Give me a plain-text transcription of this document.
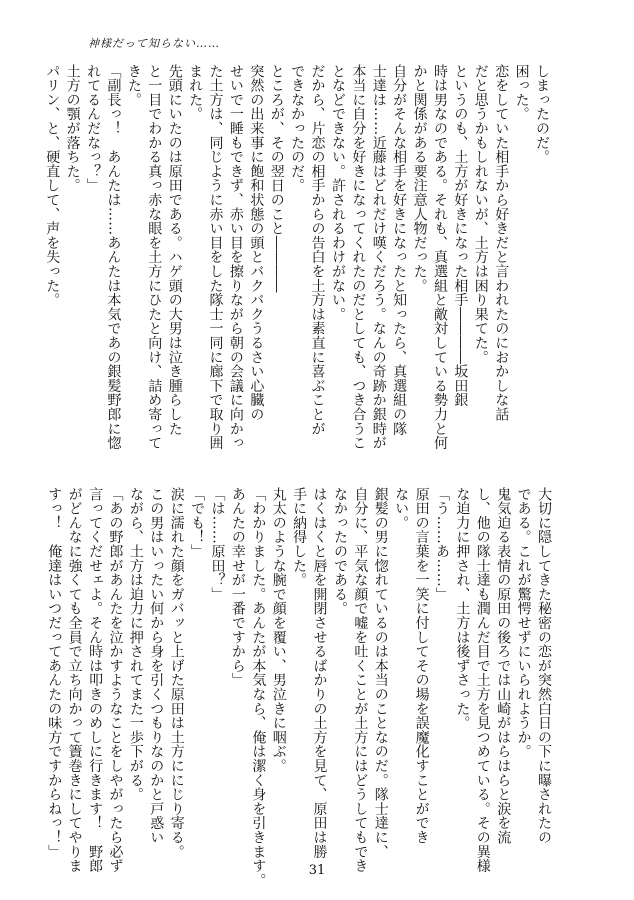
神様だって知らない……

しまったのだ。

困った。

恋をしていた相手から好きだと言われたのにおかしな話

だと思うかもしれないが、土方は困り果てた。

というのも、土方が好きになった相手――――坂田銀

時は男なのである。それも、真選組と敵対している勢力と何

かと関係がある要注意人物だった。

自分がそんな相手を好きになったと知ったら、真選組の隊

士達は……近藤はどれだけ嘆くだろう。なんの奇跡か銀時が

本当に自分を好きになってくれたのだとしても、つき合うこ

となどできない。許されるわけがない。

だから、片恋の相手からの告白を土方は素直に喜ぶことが

できなかったのだ。

ところが、その翌日のこと――――

突然の出来事に飽和状態の頭とバクバクうるさい心臓の

せいで一睡もできず、赤い目を擦りながら朝の会議に向かっ

た土方は、同じように赤い目をした隊士一同に廊下で取り囲

まれた。

先頭にいたのは原田である。ハゲ頭の大男は泣き腫らした

と一目でわかる真っ赤な眼を土方にひたと向け、詰め寄って

きた。

「副長っ！　あんたは……あんたは本気であの銀髪野郎に惚

れてるんだなっ？」

土方の顎が落ちた。

パリン、と、硬直して、声を失った。

大切に隠してきた秘密の恋が突然白日の下に曝されたの

である。これが驚愕せずにいられようか。

鬼気迫る表情の原田の後ろでは山崎がはらはらと涙を流

し、他の隊士達も潤んだ目で土方を見つめている。その異様

な迫力に押され、土方は後ずさった。

「う……あ……」

原田の言葉を一笑に付してその場を誤魔化すことができ

ない。

銀髪の男に惚れているのは本当のことなのだ。隊士達に、

自分に、平気な顔で嘘を吐くことが土方にはどうしてもでき

なかったのである。

はくはくと唇を開閉させるばかりの土方を見て、原田は勝

手に納得した。

丸太のような腕で顔を覆い、男泣きに咽ぶ。

「わかりました。あんたが本気なら、俺は潔く身を引きます。

あんたの幸せが一番ですから」

「は……原田？」

「でも！」

涙に濡れた顔をガバッと上げた原田は土方ににじり寄る。

この男はいったい何から身を引くつもりなのかと戸惑い

ながら、土方は迫力に押されてまた一歩下がる。

「あの野郎があんたを泣かすようなことをしやがったら必ず

言ってくだせェよ。そん時は叩きのめしに行きます！　野郎

がどんなに強くても全員で立ち向かって簀巻きにしてやりま

すっ！　俺達はいつだってあんたの味方ですからねっ！」

31
